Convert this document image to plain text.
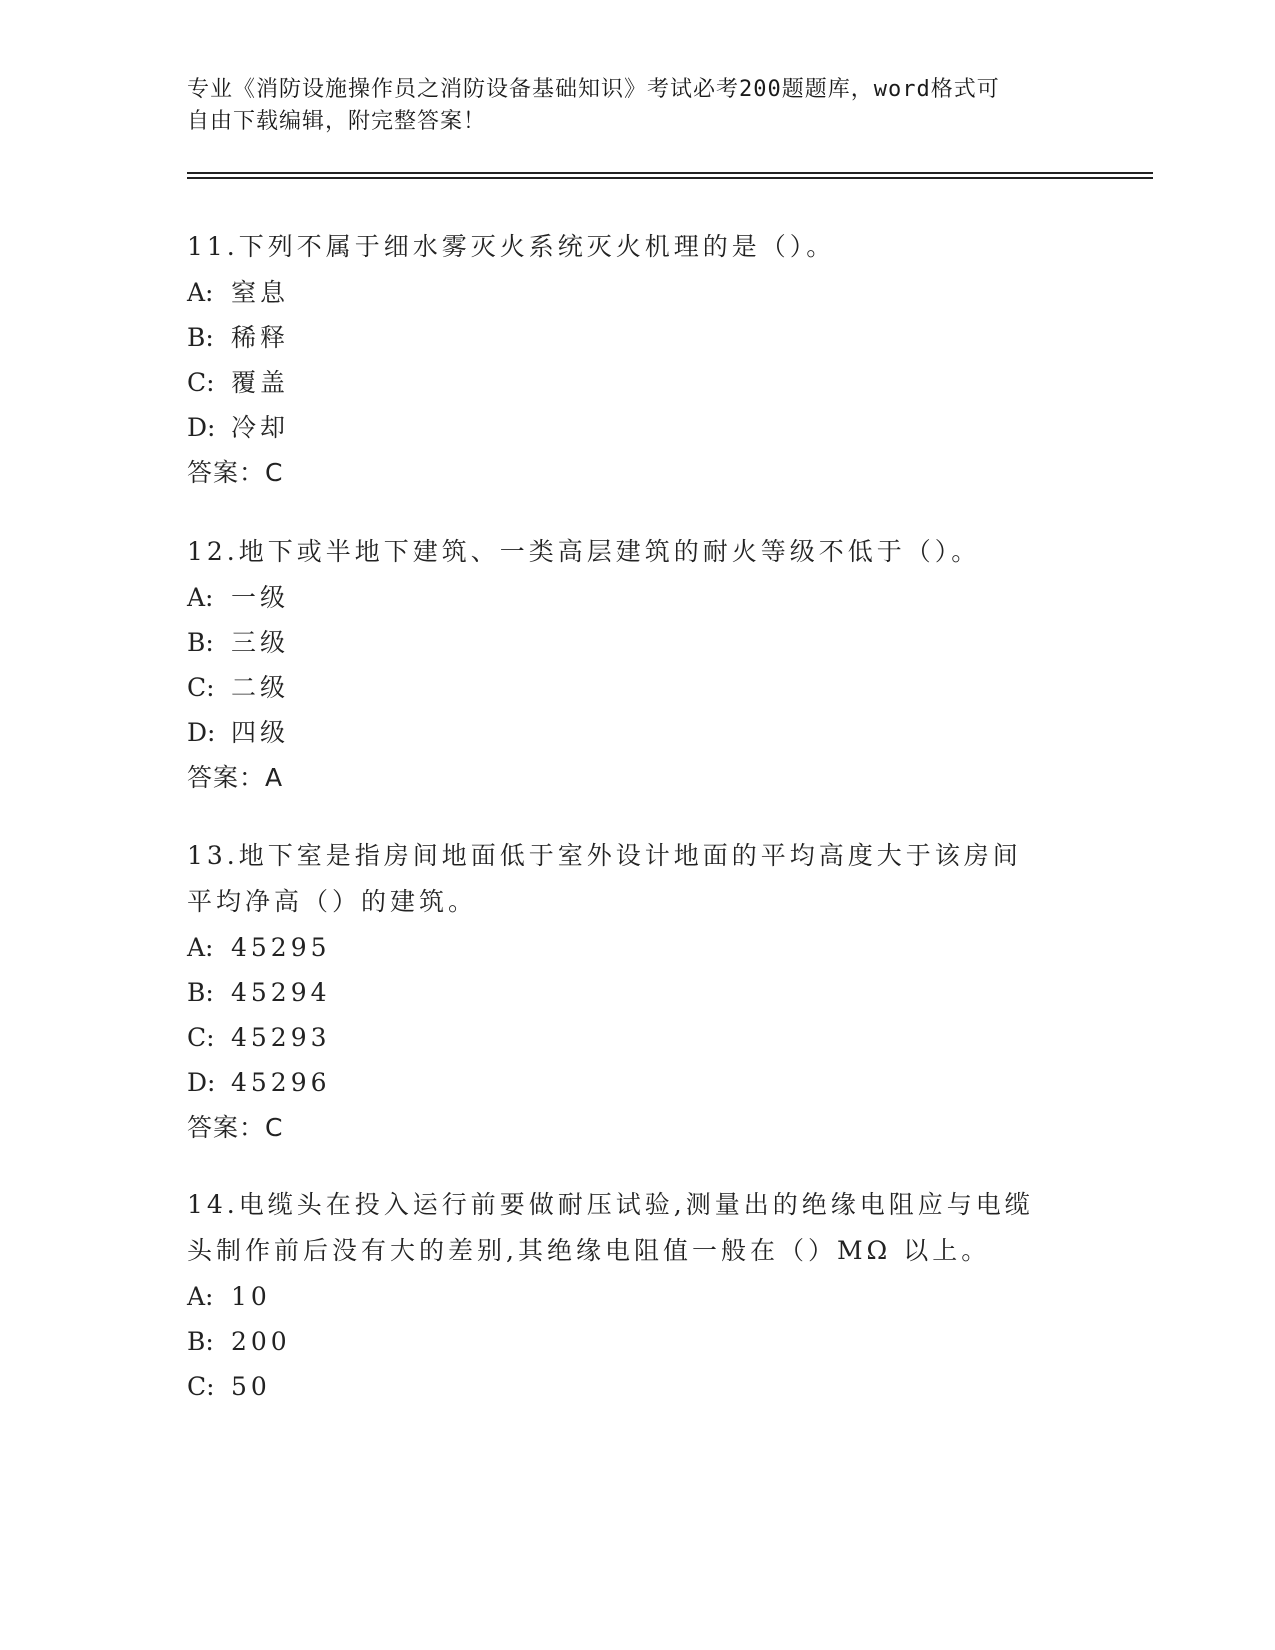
专业《消防设施操作员之消防设备基础知识》考试必考200题题库，word格式可
自由下载编辑，附完整答案！
11.下列不属于细水雾灭火系统灭火机理的是（）。
A: 窒息
B: 稀释
C: 覆盖
D: 冷却
答案：C
12.地下或半地下建筑、一类高层建筑的耐火等级不低于（）。
A: 一级
B: 三级
C: 二级
D: 四级
答案：A
13.地下室是指房间地面低于室外设计地面的平均高度大于该房间平均净高（）的建筑。
A: 45295
B: 45294
C: 45293
D: 45296
答案：C
14.电缆头在投入运行前要做耐压试验,测量出的绝缘电阻应与电缆头制作前后没有大的差别,其绝缘电阻值一般在（）MΩ 以上。
A: 10
B: 200
C: 50
